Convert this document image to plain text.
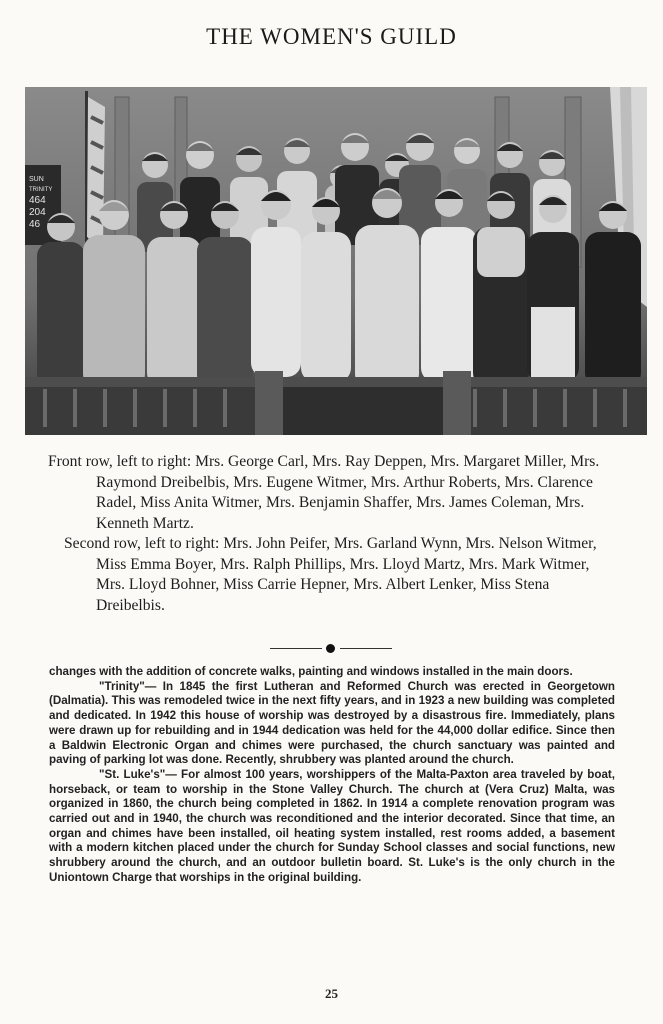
THE WOMEN'S GUILD
SUN
TRINITY
464
204
46

Front row, left to right: Mrs. George Carl, Mrs. Ray Deppen, Mrs. Margaret Miller, Mrs. Raymond Dreibelbis, Mrs. Eugene Witmer, Mrs. Arthur Roberts, Mrs. Clarence Radel, Miss Anita Witmer, Mrs. Benjamin Shaffer, Mrs. James Coleman, Mrs. Kenneth Martz.

Second row, left to right: Mrs. John Peifer, Mrs. Garland Wynn, Mrs. Nelson Witmer, Miss Emma Boyer, Mrs. Ralph Phillips, Mrs. Lloyd Martz, Mrs. Mark Witmer, Mrs. Lloyd Bohner, Miss Carrie Hepner, Mrs. Albert Lenker, Miss Stena Dreibelbis.

changes with the addition of concrete walks, painting and windows installed in the main doors.

"Trinity"— In 1845 the first Lutheran and Reformed Church was erected in Georgetown (Dalmatia). This was remodeled twice in the next fifty years, and in 1923 a new building was completed and dedicated. In 1942 this house of worship was destroyed by a disastrous fire. Immediately, plans were drawn up for rebuilding and in 1944 dedication was held for the 44,000 dollar edifice. Since then a Baldwin Electronic Organ and chimes were purchased, the church sanctuary was painted and paving of parking lot was done. Recently, shrubbery was planted around the church.

"St. Luke's"— For almost 100 years, worshippers of the Malta-Paxton area traveled by boat, horseback, or team to worship in the Stone Valley Church. The church at (Vera Cruz) Malta, was organized in 1860, the church being completed in 1862. In 1914 a complete renovation program was carried out and in 1940, the church was reconditioned and the interior decorated. Since that time, an organ and chimes have been installed, oil heating system installed, rest rooms added, a basement with a modern kitchen placed under the church for Sunday School classes and social functions, new shrubbery around the church, and an outdoor bulletin board. St. Luke's is the only church in the Uniontown Charge that worships in the original building.

25
